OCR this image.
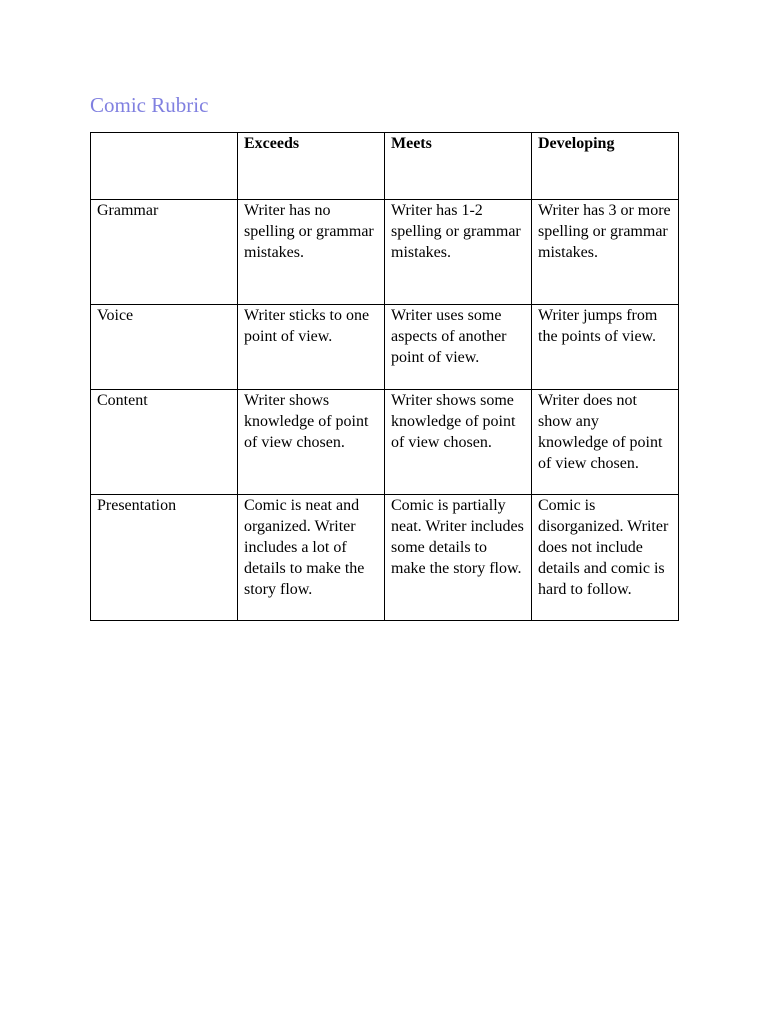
Comic Rubric
	Exceeds	Meets	Developing
Grammar	Writer has no spelling or grammar mistakes.	Writer has 1-2 spelling or grammar mistakes.	Writer has 3 or more spelling or grammar mistakes.
Voice	Writer sticks to one point of view.	Writer uses some aspects of another point of view.	Writer jumps from the points of view.
Content	Writer shows knowledge of point of view chosen.	Writer shows some knowledge of point of view chosen.	Writer does not show any knowledge of point of view chosen.
Presentation	Comic is neat and organized. Writer includes a lot of details to make the story flow.	Comic is partially neat. Writer includes some details to make the story flow.	Comic is disorganized. Writer does not include details and comic is hard to follow.
